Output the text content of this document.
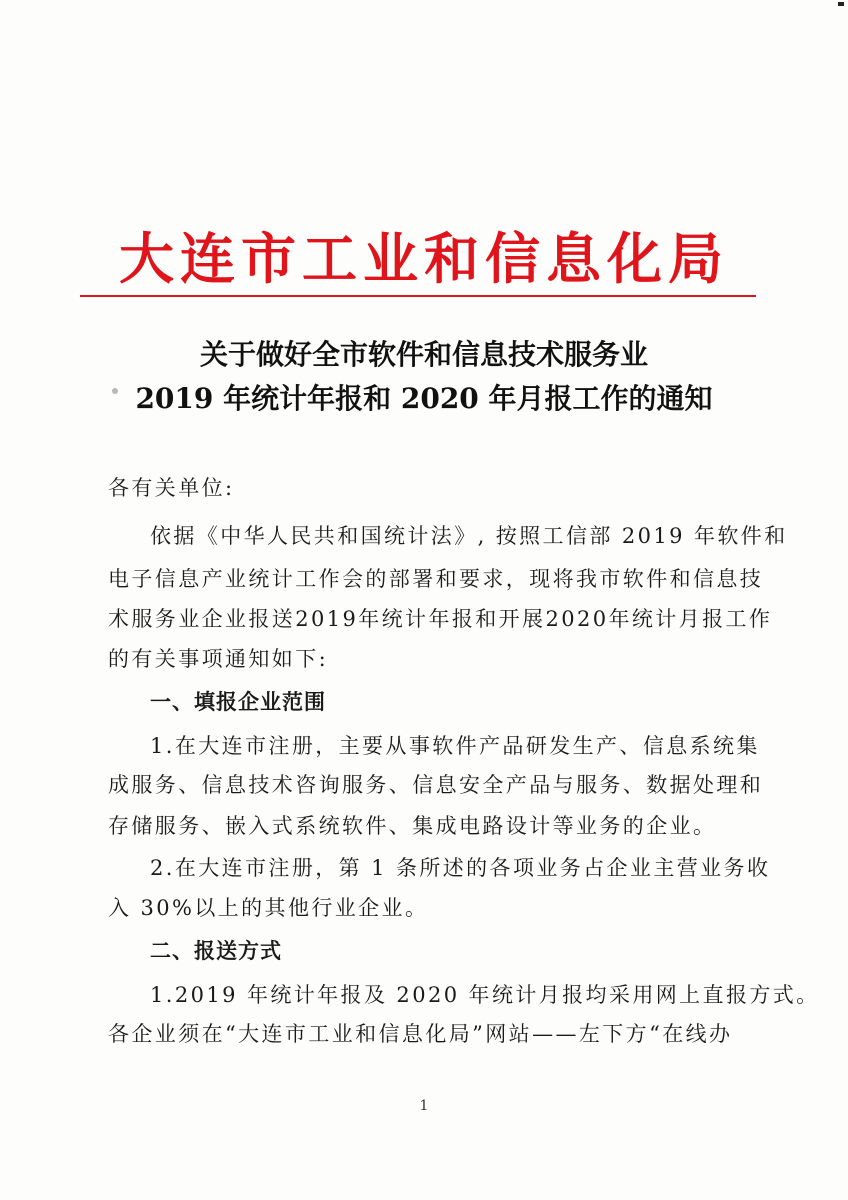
大连市工业和信息化局
关于做好全市软件和信息技术服务业
2019 年统计年报和 2020 年月报工作的通知
各有关单位:
依据《中华人民共和国统计法》, 按照工信部 2019 年软件和
电子信息产业统计工作会的部署和要求，现将我市软件和信息技
术服务业企业报送2019年统计年报和开展2020年统计月报工作
的有关事项通知如下:
一、填报企业范围
1.在大连市注册，主要从事软件产品研发生产、信息系统集
成服务、信息技术咨询服务、信息安全产品与服务、数据处理和
存储服务、嵌入式系统软件、集成电路设计等业务的企业。
2.在大连市注册，第 1 条所述的各项业务占企业主营业务收
入 30%以上的其他行业企业。
二、报送方式
1.2019 年统计年报及 2020 年统计月报均采用网上直报方式。
各企业须在“大连市工业和信息化局”网站——左下方“在线办
1
